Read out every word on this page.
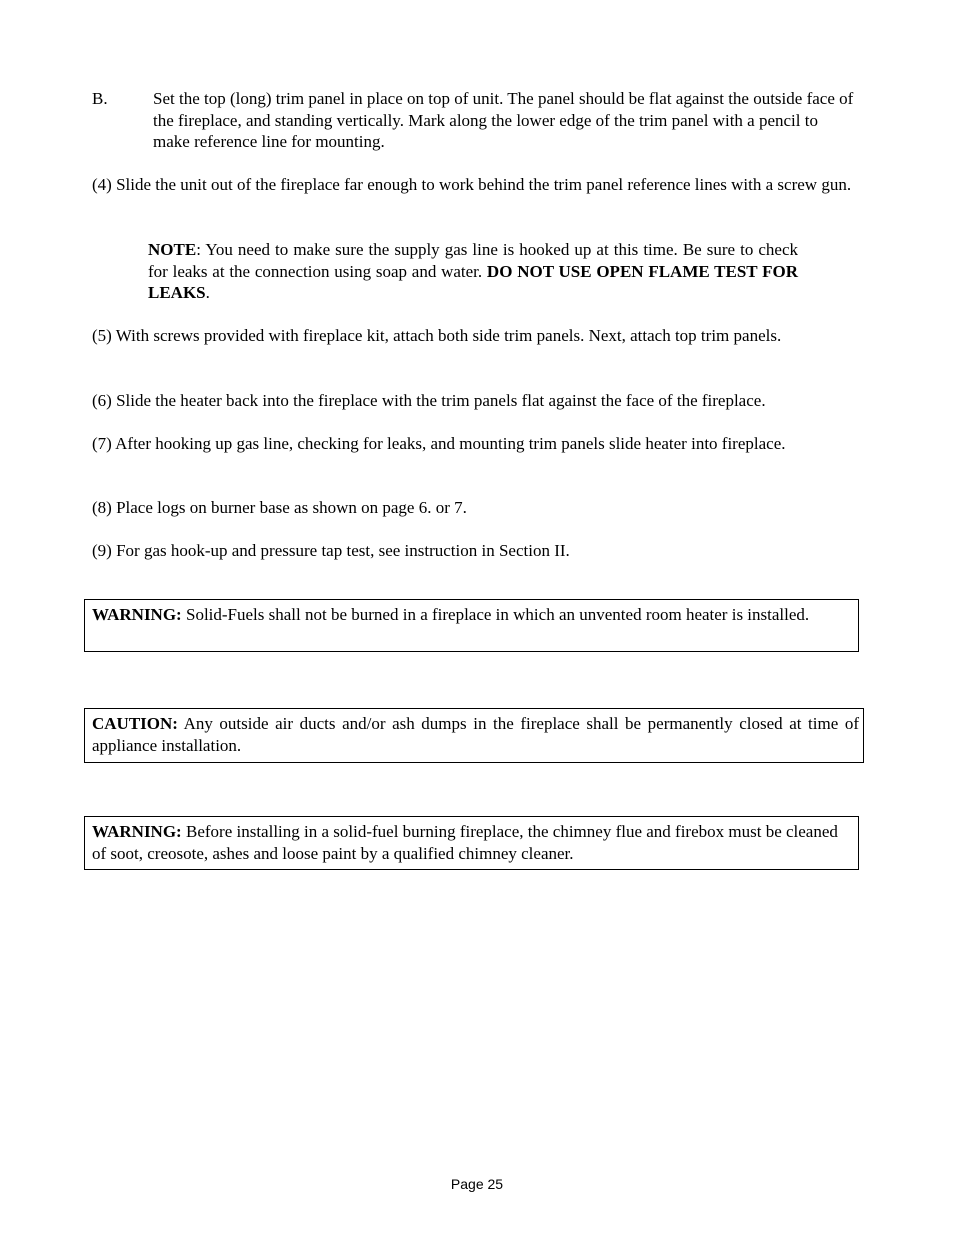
B.	Set the top (long) trim panel in place on top of unit. The panel should be flat against the outside face of the fireplace, and standing vertically. Mark along the lower edge of the trim panel with a pencil to make reference line for mounting.

(4) Slide the unit out of the fireplace far enough to work behind the trim panel reference lines with a screw gun.

NOTE: You need to make sure the supply gas line is hooked up at this time. Be sure to check for leaks at the connection using soap and water. DO NOT USE OPEN FLAME TEST FOR LEAKS.

(5) With screws provided with fireplace kit, attach both side trim panels. Next, attach top trim panels.

(6) Slide the heater back into the fireplace with the trim panels flat against the face of the fireplace.

(7) After hooking up gas line, checking for leaks, and mounting trim panels slide heater into fireplace.

(8) Place logs on burner base as shown on page 6. or 7.

(9) For gas hook-up and pressure tap test, see instruction in Section II.

WARNING: Solid-Fuels shall not be burned in a fireplace in which an unvented room heater is installed.
CAUTION: Any outside air ducts and/or ash dumps in the fireplace shall be permanently closed at time of appliance installation.
WARNING: Before installing in a solid-fuel burning fireplace, the chimney flue and firebox must be cleaned of soot, creosote, ashes and loose paint by a qualified chimney cleaner.
Page 25
